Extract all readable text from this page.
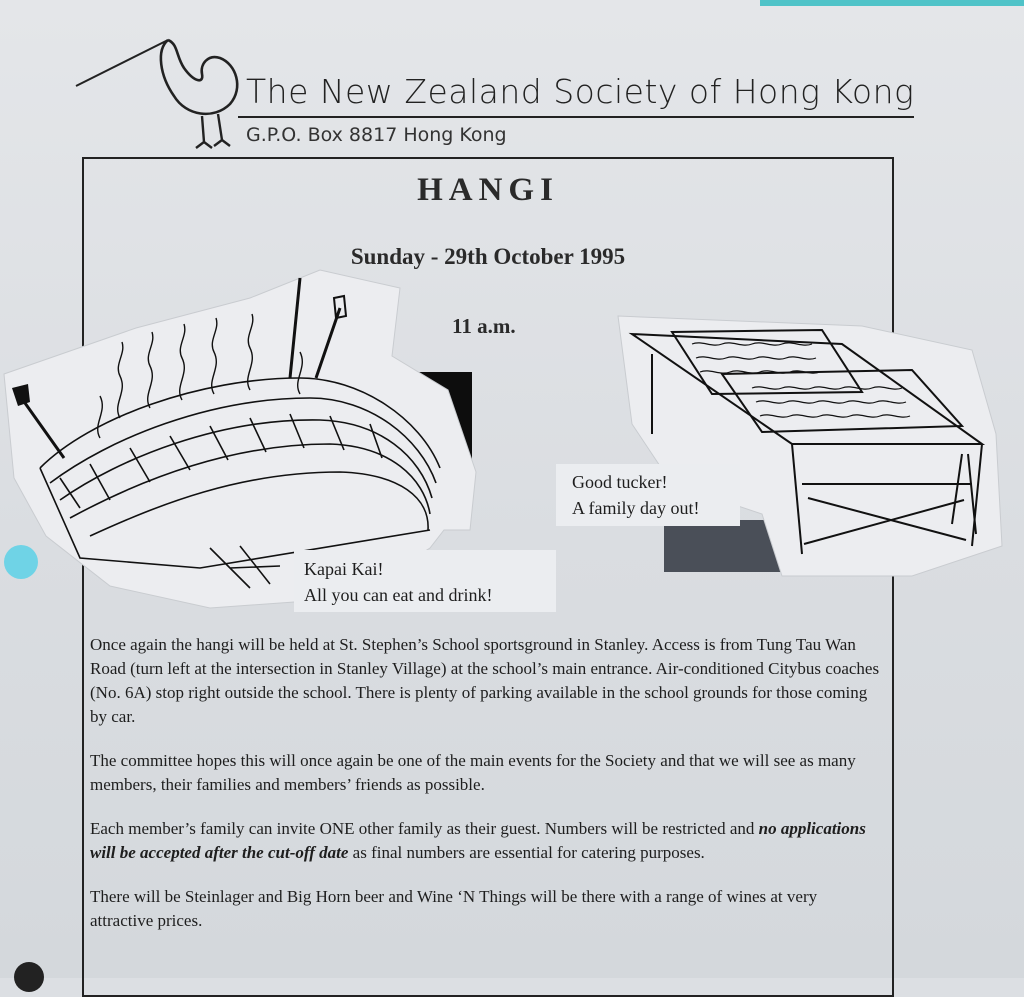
The New Zealand Society of Hong Kong
G.P.O. Box 8817 Hong Kong
HANGI
Sunday - 29th October 1995
11 a.m.
Kapai Kai!
All you can eat and drink!
Good tucker!
A family day out!

Once again the hangi will be held at St. Stephen’s School sportsground in Stanley. Access is from Tung Tau Wan Road (turn left at the intersection in Stanley Village) at the school’s main entrance. Air-conditioned Citybus coaches (No. 6A) stop right outside the school. There is plenty of parking available in the school grounds for those coming by car.

The committee hopes this will once again be one of the main events for the Society and that we will see as many members, their families and members’ friends as possible.

Each member’s family can invite ONE other family as their guest. Numbers will be restricted and no applications will be accepted after the cut-off date as final numbers are essential for catering purposes.

There will be Steinlager and Big Horn beer and Wine ‘N Things will be there with a range of wines at very attractive prices.
